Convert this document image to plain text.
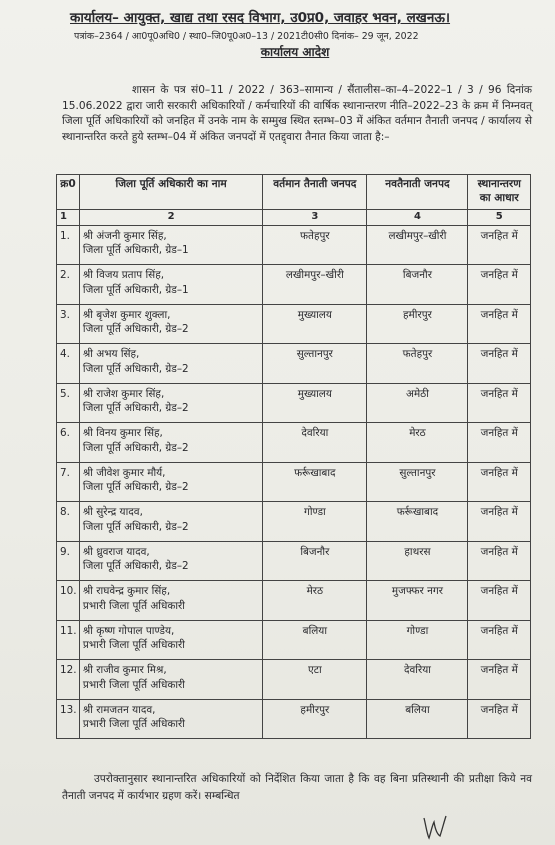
कार्यालय– आयुक्त, खाद्य तथा रसद विभाग, उ0प्र0, जवाहर भवन, लखनऊ।
पत्रांक–2364 / आ0पू0अधि0 / स्था0–जि0पू0अ0–13 / 2021टी0सी0 दिनांक– 29 जून, 2022
कार्यालय आदेश

शासन के पत्र सं0–11 / 2022 / 363–सामान्य / सैंतालीस–का–4–2022–1 / 3 / 96 दिनांक 15.06.2022 द्वारा जारी सरकारी अधिकारियों / कर्मचारियों की वार्षिक स्थानान्तरण नीति–2022–23 के क्रम में निम्नवत् जिला पूर्ति अधिकारियों को जनहित में उनके नाम के सम्मुख स्थित स्तम्भ–03 में अंकित वर्तमान तैनाती जनपद / कार्यालय से स्थानान्तरित करते हुये स्तम्भ–04 में अंकित जनपदों में एतद्द्वारा तैनात किया जाता है:–

क्र0	जिला पूर्ति अधिकारी का नाम	वर्तमान तैनाती जनपद	नवतैनाती जनपद	स्थानान्तरण का आधार
1	2	3	4	5
1.	श्री अंजनी कुमार सिंह,
जिला पूर्ति अधिकारी, ग्रेड–1	फतेहपुर	लखीमपुर–खीरी	जनहित में
2.	श्री विजय प्रताप सिंह,
जिला पूर्ति अधिकारी, ग्रेड–1	लखीमपुर–खीरी	बिजनौर	जनहित में
3.	श्री बृजेश कुमार शुक्ला,
जिला पूर्ति अधिकारी, ग्रेड–2	मुख्यालय	हमीरपुर	जनहित में
4.	श्री अभय सिंह,
जिला पूर्ति अधिकारी, ग्रेड–2	सुल्तानपुर	फतेहपुर	जनहित में
5.	श्री राजेश कुमार सिंह,
जिला पूर्ति अधिकारी, ग्रेड–2	मुख्यालय	अमेठी	जनहित में
6.	श्री विनय कुमार सिंह,
जिला पूर्ति अधिकारी, ग्रेड–2	देवरिया	मेरठ	जनहित में
7.	श्री जीवेश कुमार मौर्य,
जिला पूर्ति अधिकारी, ग्रेड–2	फर्रूखाबाद	सुल्तानपुर	जनहित में
8.	श्री सुरेन्द्र यादव,
जिला पूर्ति अधिकारी, ग्रेड–2	गोण्डा	फर्रूखाबाद	जनहित में
9.	श्री ध्रुवराज यादव,
जिला पूर्ति अधिकारी, ग्रेड–2	बिजनौर	हाथरस	जनहित में
10.	श्री राघवेन्द्र कुमार सिंह,
प्रभारी जिला पूर्ति अधिकारी	मेरठ	मुजफ्फर नगर	जनहित में
11.	श्री कृष्ण गोपाल पाण्डेय,
प्रभारी जिला पूर्ति अधिकारी	बलिया	गोण्डा	जनहित में
12.	श्री राजीव कुमार मिश्र,
प्रभारी जिला पूर्ति अधिकारी	एटा	देवरिया	जनहित में
13.	श्री रामजतन यादव,
प्रभारी जिला पूर्ति अधिकारी	हमीरपुर	बलिया	जनहित में

उपरोक्तानुसार स्थानान्तरित अधिकारियों को निर्देशित किया जाता है कि वह बिना प्रतिस्थानी की प्रतीक्षा किये नव तैनाती जनपद में कार्यभार ग्रहण करें। सम्बन्धित
